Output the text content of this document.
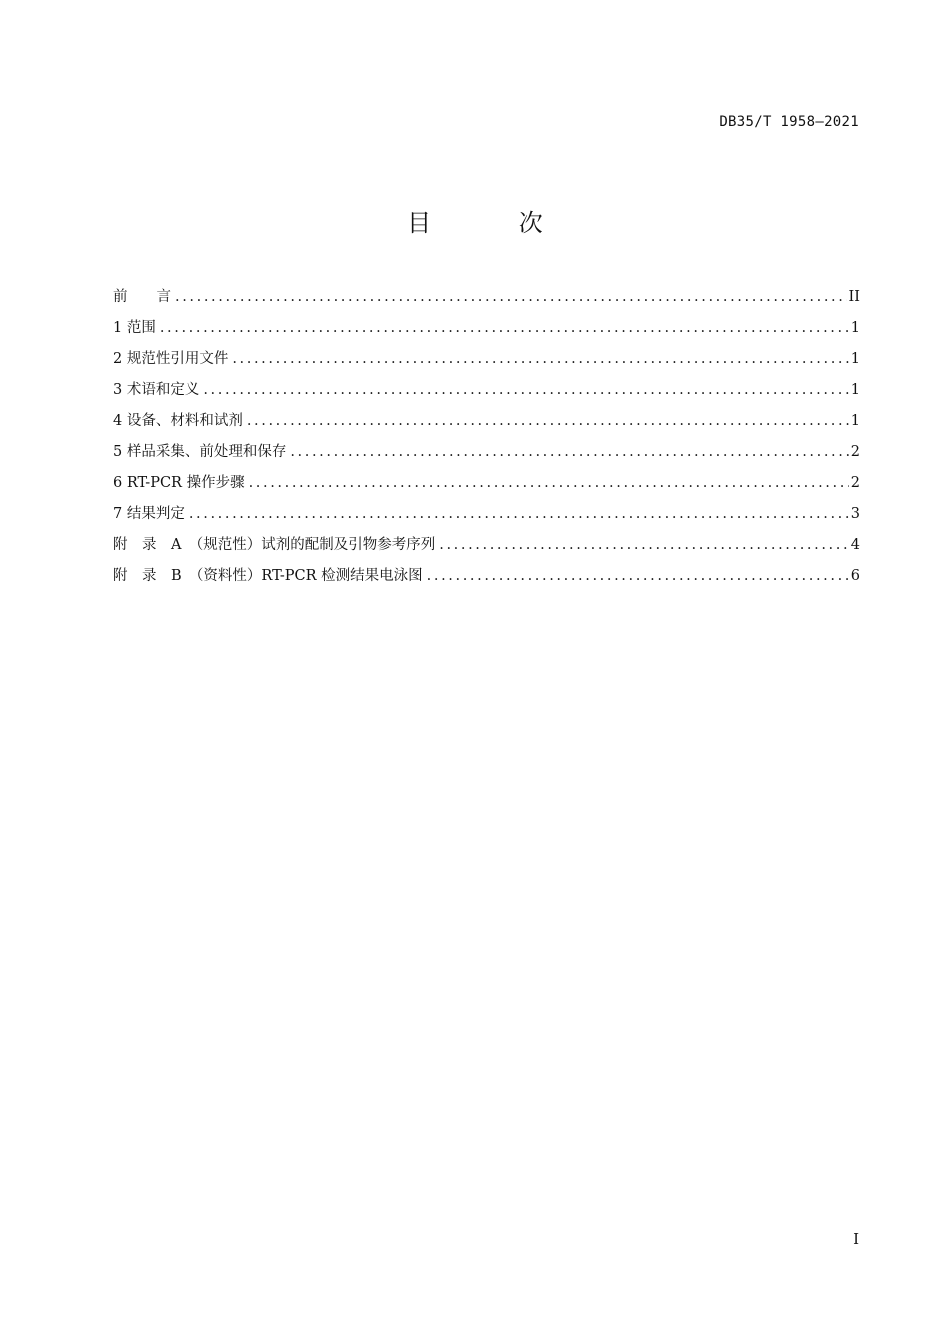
DB35/T 1958—2021
目 次
前　　言 .....	II
1 范围 .....	1
2 规范性引用文件 .....	1
3 术语和定义 .....	1
4 设备、材料和试剂 .....	1
5 样品采集、前处理和保存 .....	2
6 RT-PCR 操作步骤 .....	2
7 结果判定 .....	3
附　录　A　（规范性）试剂的配制及引物参考序列 .....	4
附　录　B　（资料性）RT-PCR 检测结果电泳图 .....	6
I
